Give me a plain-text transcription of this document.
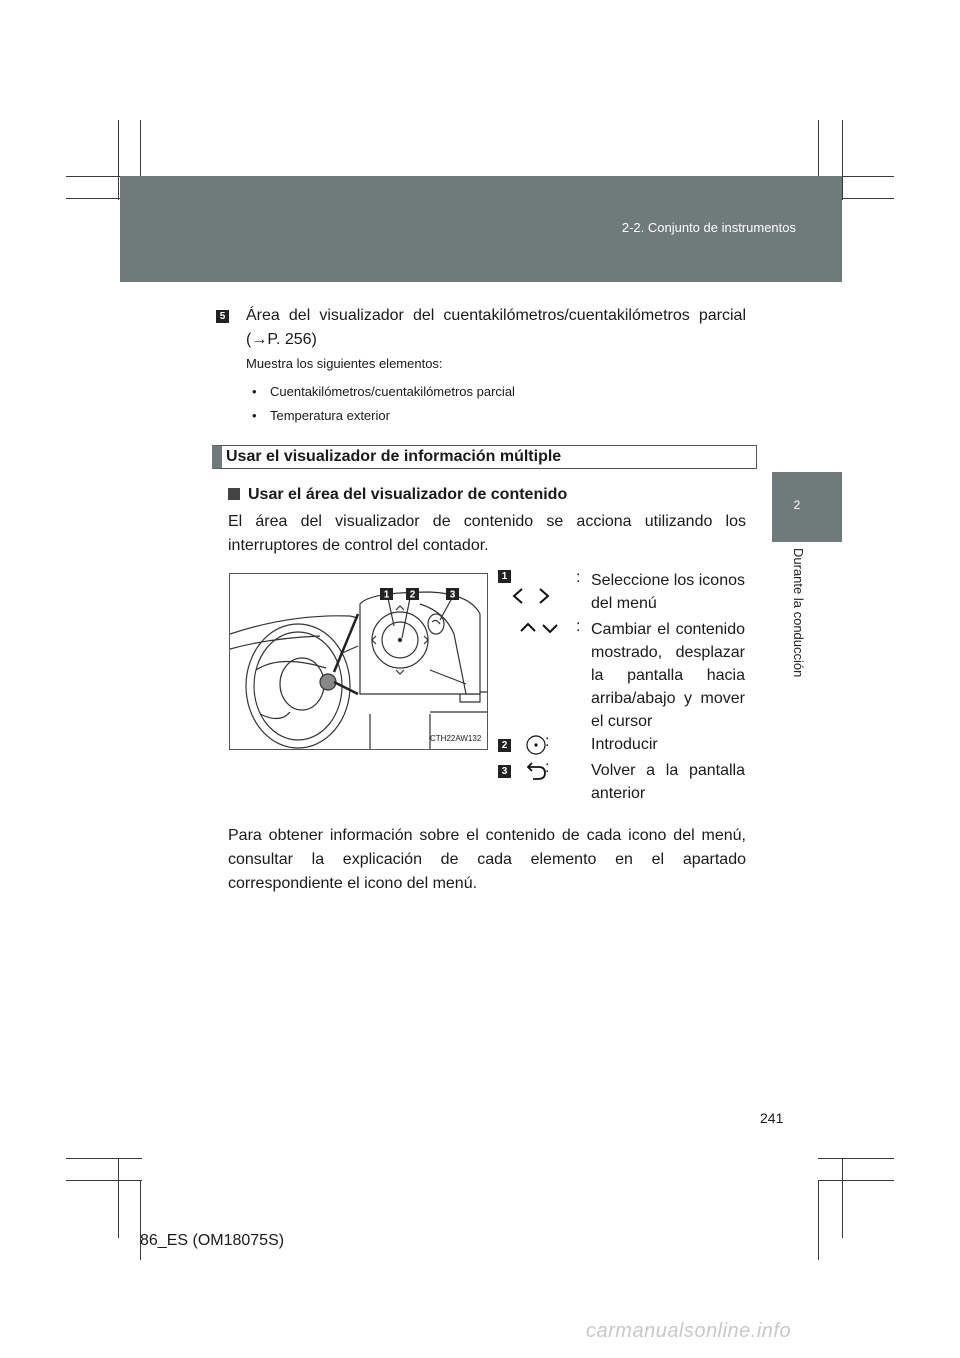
2-2. Conjunto de instrumentos
2
Durante la conducción
5 Área del visualizador del cuentakilómetros/cuentakilómetros parcial (→P. 256)
Muestra los siguientes elementos:
• Cuentakilómetros/cuentakilómetros parcial
• Temperatura exterior
Usar el visualizador de información múltiple
Usar el área del visualizador de contenido
El área del visualizador de contenido se acciona utilizando los interruptores de control del contador.
1 2	3
CTH22AW132
1	: Seleccione los iconos del menú
: Cambiar el contenido mostrado, desplazar la pantalla hacia arriba/abajo y mover el cursor
2	:	Introducir
3	:	Volver a la pantalla anterior
Para obtener información sobre el contenido de cada icono del menú, consultar la explicación de cada elemento en el apartado correspondiente el icono del menú.
241
86_ES (OM18075S)
carmanualsonline.info
